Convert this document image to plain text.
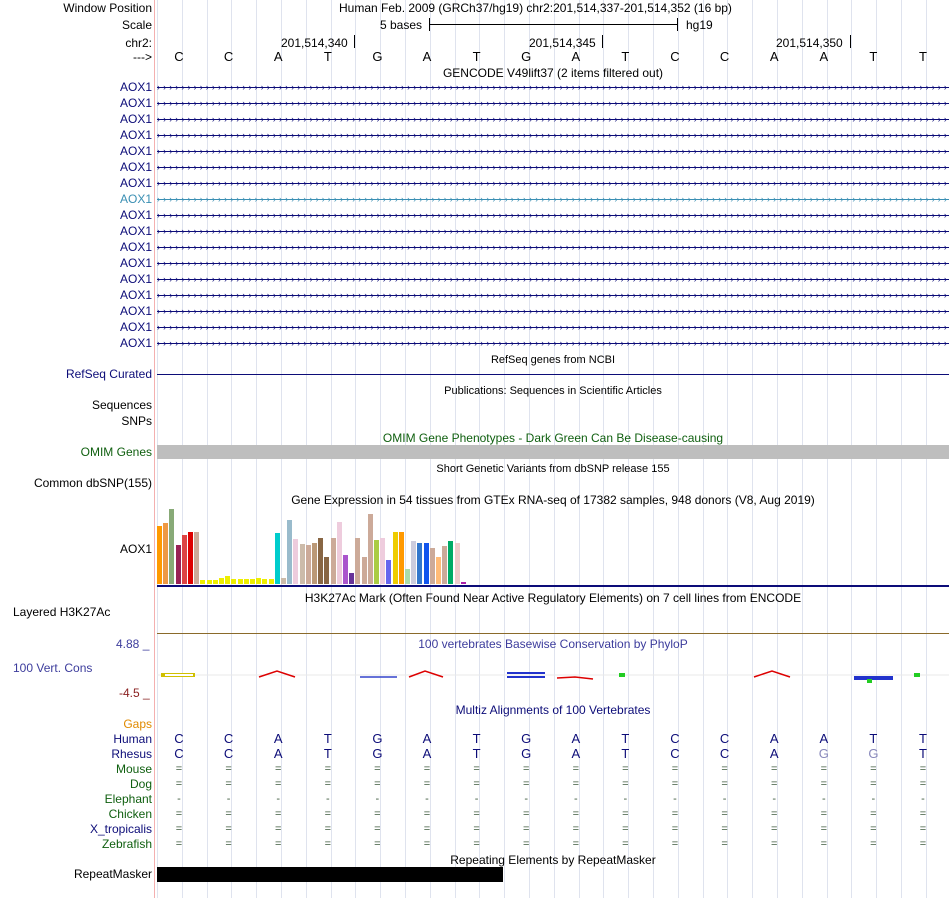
Window Position	Human Feb. 2009 (GRCh37/hg19) chr2:201,514,337-201,514,352 (16 bp)
Scale	5 bases	hg19
chr2:	201,514,340	201,514,345	201,514,350
--->	C	C	A	T	G	A	T	G	A	T	C	C	A	A	T	T
GENCODE V49lift37 (2 items filtered out)
AOX1 › › › › › › › › › › › › › › › › › › › › › › › › › › › › › › › › › › › › › › › › › › › › › › › › › › › › › › › › › › › › › › › › › › › › › › › › › › › › › › › › › › › › › › › › › › › › › › › › › › › › › › › › › › › › › › › › › › › › › › › › › › › › › › › › › ›
AOX1 › › › › › › › › › › › › › › › › › › › › › › › › › › › › › › › › › › › › › › › › › › › › › › › › › › › › › › › › › › › › › › › › › › › › › › › › › › › › › › › › › › › › › › › › › › › › › › › › › › › › › › › › › › › › › › › › › › › › › › › › › › › › › › › › › ›
AOX1 › › › › › › › › › › › › › › › › › › › › › › › › › › › › › › › › › › › › › › › › › › › › › › › › › › › › › › › › › › › › › › › › › › › › › › › › › › › › › › › › › › › › › › › › › › › › › › › › › › › › › › › › › › › › › › › › › › › › › › › › › › › › › › › › › ›
AOX1 › › › › › › › › › › › › › › › › › › › › › › › › › › › › › › › › › › › › › › › › › › › › › › › › › › › › › › › › › › › › › › › › › › › › › › › › › › › › › › › › › › › › › › › › › › › › › › › › › › › › › › › › › › › › › › › › › › › › › › › › › › › › › › › › › ›
AOX1 › › › › › › › › › › › › › › › › › › › › › › › › › › › › › › › › › › › › › › › › › › › › › › › › › › › › › › › › › › › › › › › › › › › › › › › › › › › › › › › › › › › › › › › › › › › › › › › › › › › › › › › › › › › › › › › › › › › › › › › › › › › › › › › › › ›
AOX1 › › › › › › › › › › › › › › › › › › › › › › › › › › › › › › › › › › › › › › › › › › › › › › › › › › › › › › › › › › › › › › › › › › › › › › › › › › › › › › › › › › › › › › › › › › › › › › › › › › › › › › › › › › › › › › › › › › › › › › › › › › › › › › › › › ›
AOX1 › › › › › › › › › › › › › › › › › › › › › › › › › › › › › › › › › › › › › › › › › › › › › › › › › › › › › › › › › › › › › › › › › › › › › › › › › › › › › › › › › › › › › › › › › › › › › › › › › › › › › › › › › › › › › › › › › › › › › › › › › › › › › › › › › ›
AOX1 › › › › › › › › › › › › › › › › › › › › › › › › › › › › › › › › › › › › › › › › › › › › › › › › › › › › › › › › › › › › › › › › › › › › › › › › › › › › › › › › › › › › › › › › › › › › › › › › › › › › › › › › › › › › › › › › › › › › › › › › › › › › › › › › › ›
AOX1 › › › › › › › › › › › › › › › › › › › › › › › › › › › › › › › › › › › › › › › › › › › › › › › › › › › › › › › › › › › › › › › › › › › › › › › › › › › › › › › › › › › › › › › › › › › › › › › › › › › › › › › › › › › › › › › › › › › › › › › › › › › › › › › › › ›
AOX1 › › › › › › › › › › › › › › › › › › › › › › › › › › › › › › › › › › › › › › › › › › › › › › › › › › › › › › › › › › › › › › › › › › › › › › › › › › › › › › › › › › › › › › › › › › › › › › › › › › › › › › › › › › › › › › › › › › › › › › › › › › › › › › › › › ›
AOX1 › › › › › › › › › › › › › › › › › › › › › › › › › › › › › › › › › › › › › › › › › › › › › › › › › › › › › › › › › › › › › › › › › › › › › › › › › › › › › › › › › › › › › › › › › › › › › › › › › › › › › › › › › › › › › › › › › › › › › › › › › › › › › › › › › ›
AOX1 › › › › › › › › › › › › › › › › › › › › › › › › › › › › › › › › › › › › › › › › › › › › › › › › › › › › › › › › › › › › › › › › › › › › › › › › › › › › › › › › › › › › › › › › › › › › › › › › › › › › › › › › › › › › › › › › › › › › › › › › › › › › › › › › › ›
AOX1 › › › › › › › › › › › › › › › › › › › › › › › › › › › › › › › › › › › › › › › › › › › › › › › › › › › › › › › › › › › › › › › › › › › › › › › › › › › › › › › › › › › › › › › › › › › › › › › › › › › › › › › › › › › › › › › › › › › › › › › › › › › › › › › › › ›
AOX1 › › › › › › › › › › › › › › › › › › › › › › › › › › › › › › › › › › › › › › › › › › › › › › › › › › › › › › › › › › › › › › › › › › › › › › › › › › › › › › › › › › › › › › › › › › › › › › › › › › › › › › › › › › › › › › › › › › › › › › › › › › › › › › › › › ›
AOX1 › › › › › › › › › › › › › › › › › › › › › › › › › › › › › › › › › › › › › › › › › › › › › › › › › › › › › › › › › › › › › › › › › › › › › › › › › › › › › › › › › › › › › › › › › › › › › › › › › › › › › › › › › › › › › › › › › › › › › › › › › › › › › › › › › ›
AOX1 › › › › › › › › › › › › › › › › › › › › › › › › › › › › › › › › › › › › › › › › › › › › › › › › › › › › › › › › › › › › › › › › › › › › › › › › › › › › › › › › › › › › › › › › › › › › › › › › › › › › › › › › › › › › › › › › › › › › › › › › › › › › › › › › › ›
AOX1 › › › › › › › › › › › › › › › › › › › › › › › › › › › › › › › › › › › › › › › › › › › › › › › › › › › › › › › › › › › › › › › › › › › › › › › › › › › › › › › › › › › › › › › › › › › › › › › › › › › › › › › › › › › › › › › › › › › › › › › › › › › › › › › › › ›
RefSeq genes from NCBI
RefSeq Curated
Publications: Sequences in Scientific Articles
Sequences
SNPs
OMIM Gene Phenotypes - Dark Green Can Be Disease-causing
OMIM Genes
Short Genetic Variants from dbSNP release 155
Common dbSNP(155)
Gene Expression in 54 tissues from GTEx RNA-seq of 17382 samples, 948 donors (V8, Aug 2019)
AOX1
H3K27Ac Mark (Often Found Near Active Regulatory Elements) on 7 cell lines from ENCODE
Layered H3K27Ac
100 vertebrates Basewise Conservation by PhyloP
4.88 _
100 Vert. Cons
-4.5 _
Multiz Alignments of 100 Vertebrates
Gaps
Human	C	C	A	T	G	A	T	G	A	T	C	C	A	A	T	T
Rhesus	C	C	A	T	G	A	T	G	A	T	C	C	A	G	G	T
Mouse	=	=	=	=	=	=	=	=	=	=	=	=	=	=	=	=
Dog	=	=	=	=	=	=	=	=	=	=	=	=	=	=	=	=
Elephant	-	-	-	-	-	-	-	-	-	-	-	-	-	-	-	-
Chicken	=	=	=	=	=	=	=	=	=	=	=	=	=	=	=	=
X_tropicalis	=	=	=	=	=	=	=	=	=	=	=	=	=	=	=	=
Zebrafish	=	=	=	=	=	=	=	=	=	=	=	=	=	=	=	=
Repeating Elements by RepeatMasker
RepeatMasker
